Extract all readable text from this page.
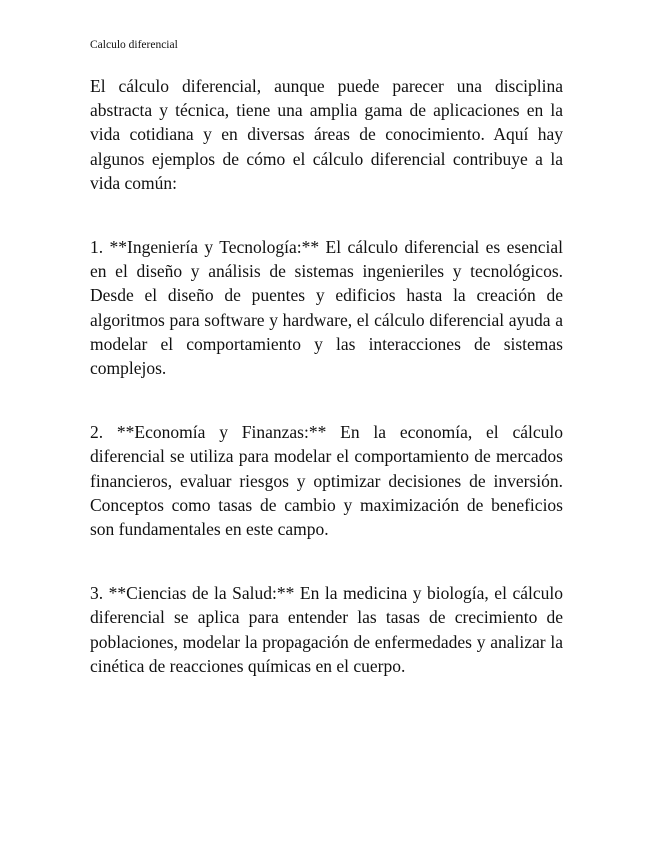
Calculo diferencial

El cálculo diferencial, aunque puede parecer una disciplina abstracta y técnica, tiene una amplia gama de aplicaciones en la vida cotidiana y en diversas áreas de conocimiento. Aquí hay algunos ejemplos de cómo el cálculo diferencial contribuye a la vida común:

1. **Ingeniería y Tecnología:** El cálculo diferencial es esencial en el diseño y análisis de sistemas ingenieriles y tecnológicos. Desde el diseño de puentes y edificios hasta la creación de algoritmos para software y hardware, el cálculo diferencial ayuda a modelar el comportamiento y las interacciones de sistemas complejos.

2. **Economía y Finanzas:** En la economía, el cálculo diferencial se utiliza para modelar el comportamiento de mercados financieros, evaluar riesgos y optimizar decisiones de inversión. Conceptos como tasas de cambio y maximización de beneficios son fundamentales en este campo.

3. **Ciencias de la Salud:** En la medicina y biología, el cálculo diferencial se aplica para entender las tasas de crecimiento de poblaciones, modelar la propagación de enfermedades y analizar la cinética de reacciones químicas en el cuerpo.
